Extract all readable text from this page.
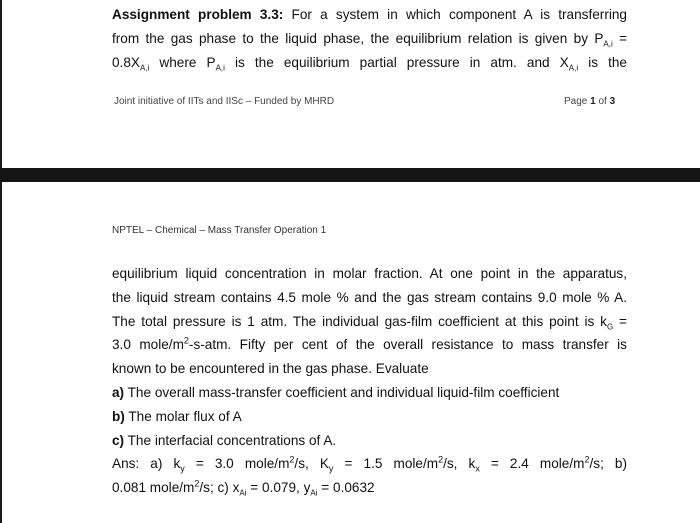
Assignment problem 3.3: For a system in which component A is transferring
from the gas phase to the liquid phase, the equilibrium relation is given by $P_{A,i}$ =
$0.8X_{A,i}$ where $P_{A,i}$ is the equilibrium partial pressure in atm. and $X_{A,i}$ is the
Joint initiative of IITs and IISc – Funded by MHRD	Page 1 of 3
NPTEL – Chemical – Mass Transfer Operation 1
equilibrium liquid concentration in molar fraction. At one point in the apparatus,
the liquid stream contains 4.5 mole % and the gas stream contains 9.0 mole % A.
The total pressure is 1 atm. The individual gas-film coefficient at this point is $k_G$ =
3.0 mole/$m^2-s$-atm. Fifty per cent of the overall resistance to mass transfer is
known to be encountered in the gas phase. Evaluate
a) The overall mass-transfer coefficient and individual liquid-film coefficient
b) The molar flux of A
c) The interfacial concentrations of A.
Ans: a) $k_y = 3.0$ mole/$m^2/s$, $K_y = 1.5$ mole/$m^2/s$, $k_x = 2.4$ mole/$m^2/s$; b)
0.081 mole/$m^2/s$; c) $x_{Ai} = 0.079$, $y_{Ai} = 0.0632$
